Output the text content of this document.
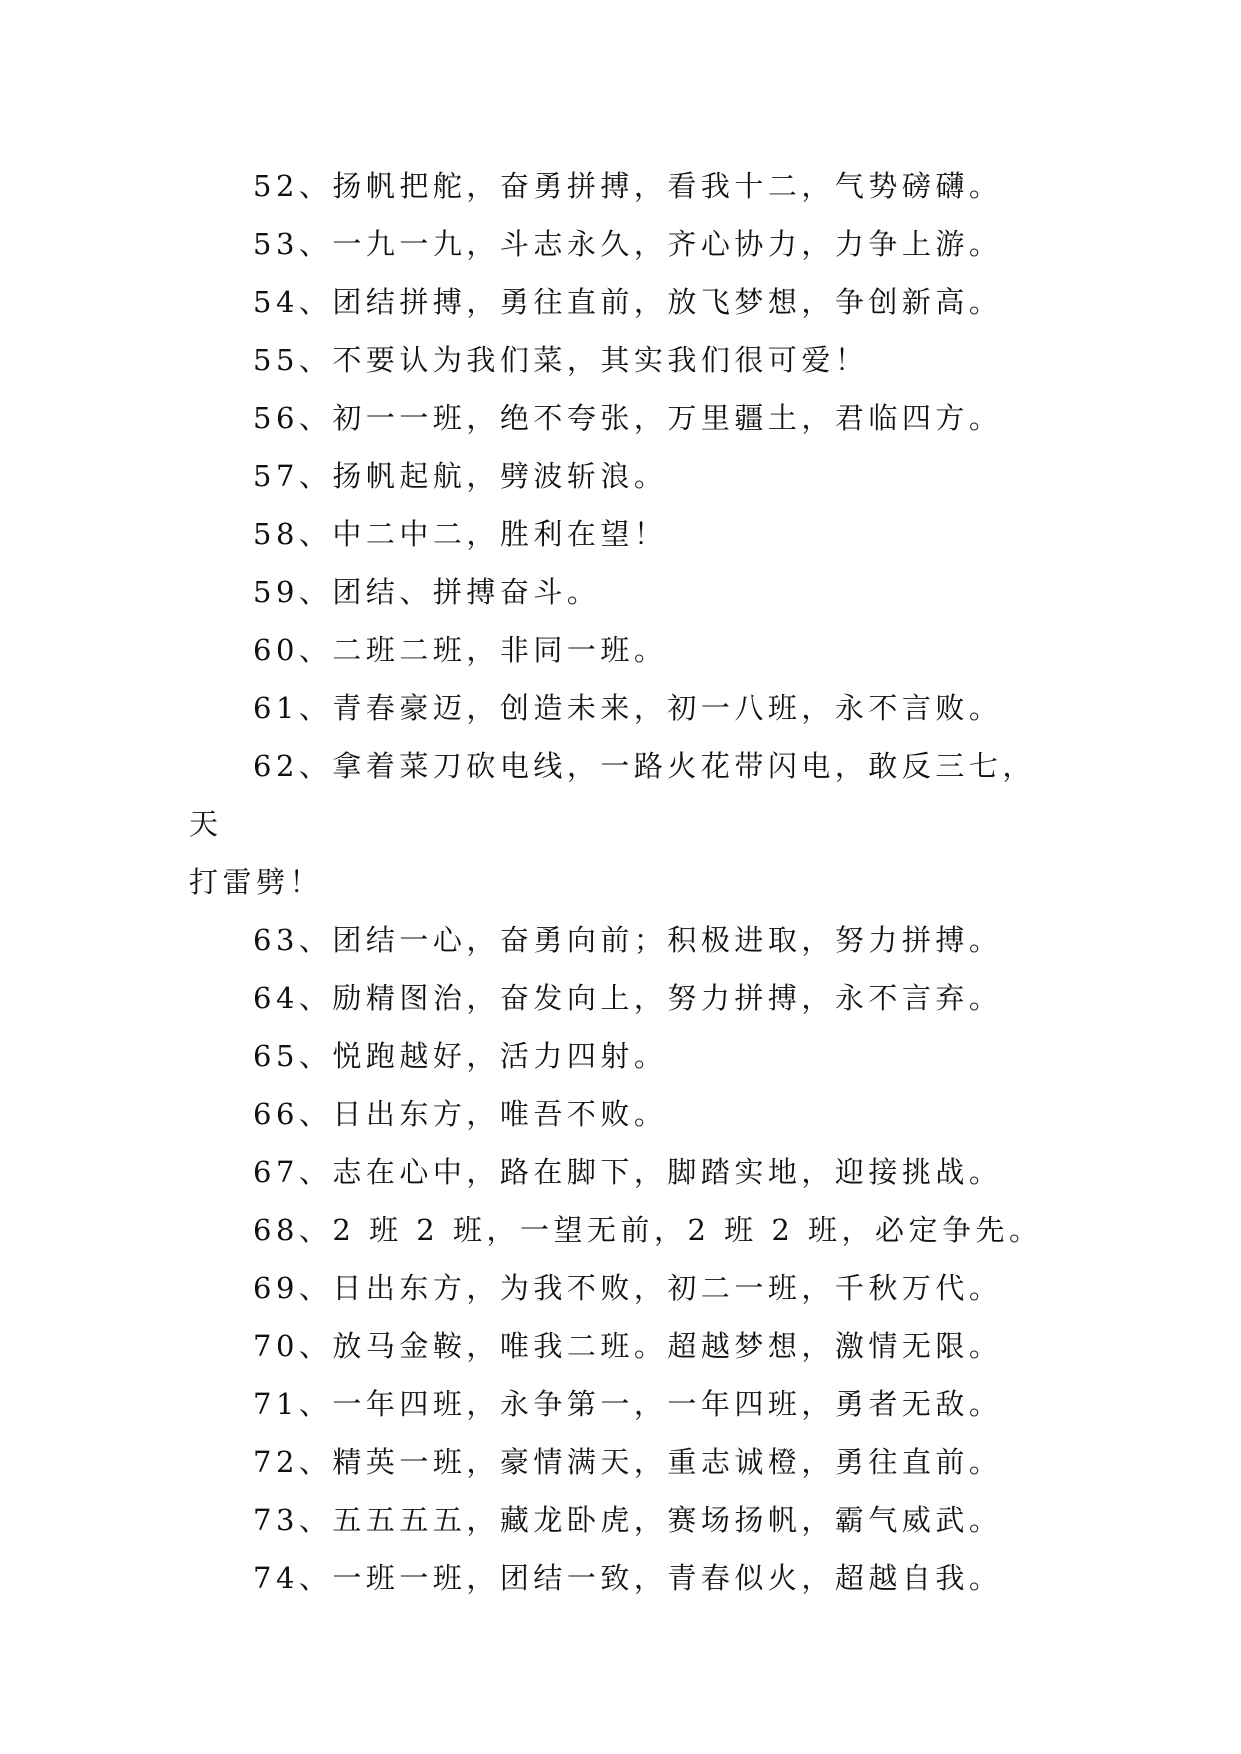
52、扬帆把舵，奋勇拼搏，看我十二，气势磅礴。

53、一九一九，斗志永久，齐心协力，力争上游。

54、团结拼搏，勇往直前，放飞梦想，争创新高。

55、不要认为我们菜，其实我们很可爱！

56、初一一班，绝不夸张，万里疆土，君临四方。

57、扬帆起航，劈波斩浪。

58、中二中二，胜利在望！

59、团结、拼搏奋斗。

60、二班二班，非同一班。

61、青春豪迈，创造未来，初一八班，永不言败。

62、拿着菜刀砍电线，一路火花带闪电，敢反三七，天
打雷劈！

63、团结一心，奋勇向前；积极进取，努力拼搏。

64、励精图治，奋发向上，努力拼搏，永不言弃。

65、悦跑越好，活力四射。

66、日出东方，唯吾不败。

67、志在心中，路在脚下，脚踏实地，迎接挑战。

68、2 班 2 班，一望无前，2 班 2 班，必定争先。

69、日出东方，为我不败，初二一班，千秋万代。

70、放马金鞍，唯我二班。超越梦想，激情无限。

71、一年四班，永争第一，一年四班，勇者无敌。

72、精英一班，豪情满天，重志诚橙，勇往直前。

73、五五五五，藏龙卧虎，赛场扬帆，霸气威武。

74、一班一班，团结一致，青春似火，超越自我。
